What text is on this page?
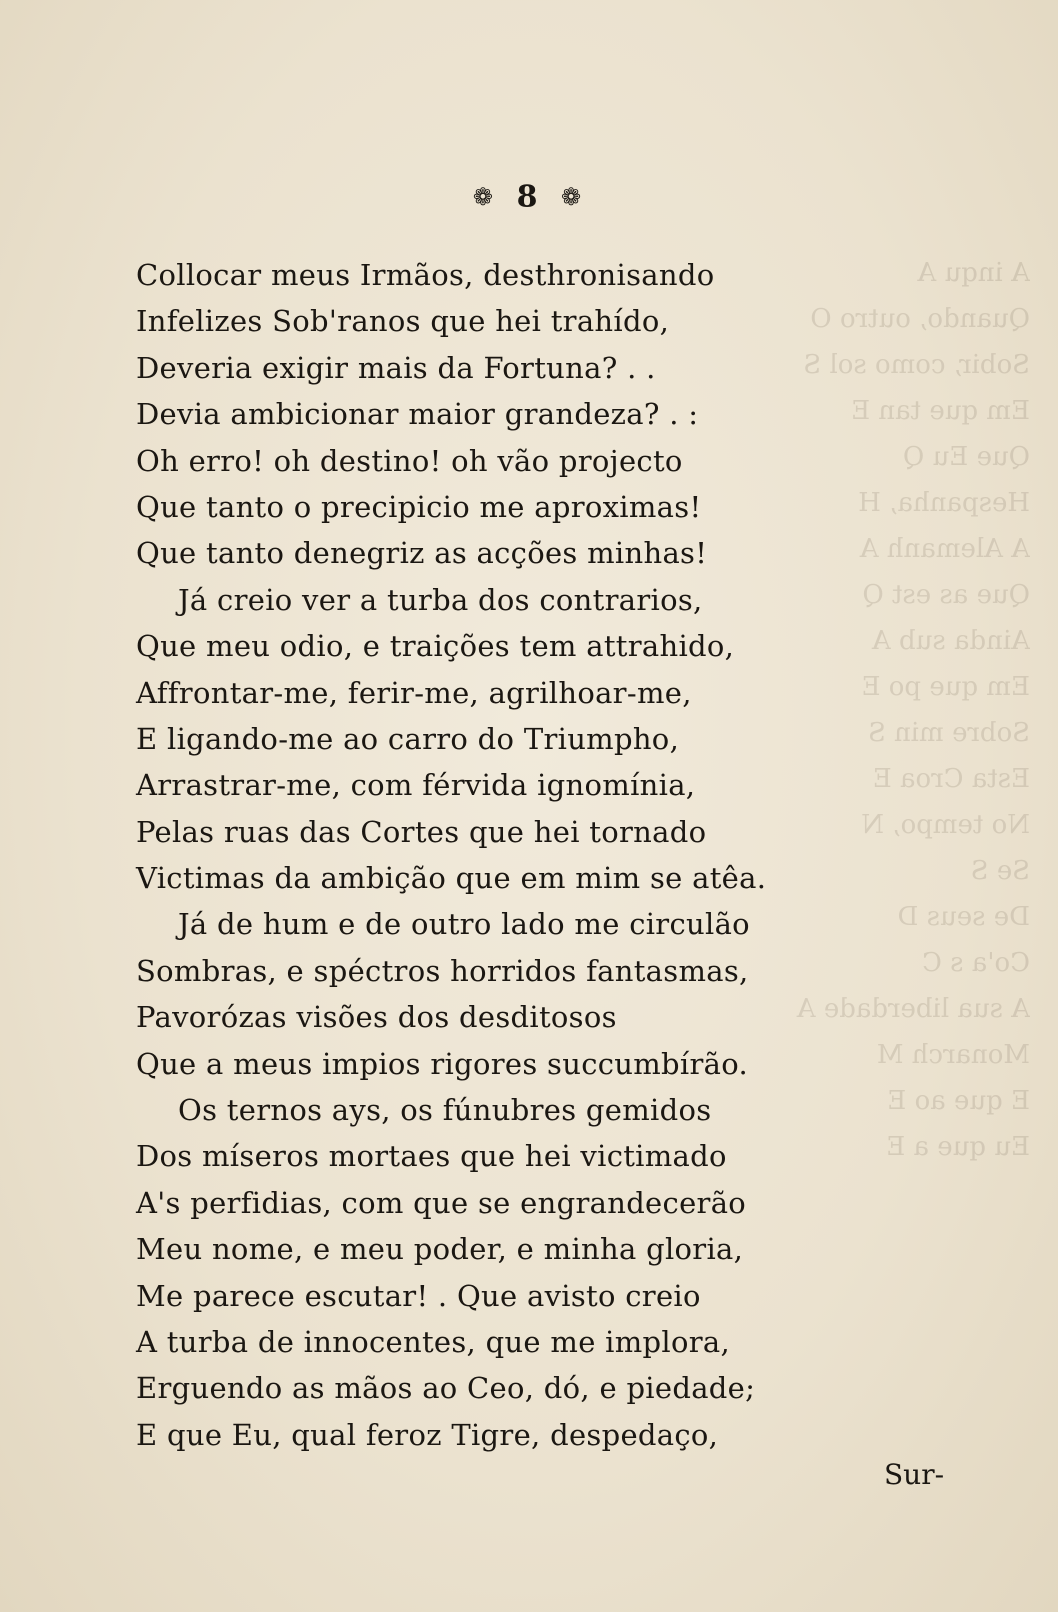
A inqu A
Quando, outro O
Sobir, como sol S
Em que tan E
Que Eu Q
Hespanha, H
A Alemanh A
Que as est Q
Ainda sub A
Em que po E
Sobre min S
Esta Croa E
No tempo, N
Se S
De seus D
Co'a s C
A sua liberdade A
Monarch M
E que ao E
Eu que a E
❁ 8 ❁
Collocar meus Irmãos, desthronisando
Infelizes Sob'ranos que hei trahído,
Deveria exigir mais da Fortuna? . .
Devia ambicionar maior grandeza? . :
Oh erro! oh destino! oh vão projecto
Que tanto o precipicio me aproximas!
Que tanto denegriz as acções minhas!
Já creio ver a turba dos contrarios,
Que meu odio, e traições tem attrahido,
Affrontar-me, ferir-me, agrilhoar-me,
E ligando-me ao carro do Triumpho,
Arrastrar-me, com férvida ignomínia,
Pelas ruas das Cortes que hei tornado
Victimas da ambição que em mim se atêa.
Já de hum e de outro lado me circulão
Sombras, e spéctros horridos fantasmas,
Pavorózas visões dos desditosos
Que a meus impios rigores succumbírão.
Os ternos ays, os fúnubres gemidos
Dos míseros mortaes que hei victimado
A's perfidias, com que se engrandecerão
Meu nome, e meu poder, e minha gloria,
Me parece escutar! . Que avisto creio
A turba de innocentes, que me implora,
Erguendo as mãos ao Ceo, dó, e piedade;
E que Eu, qual feroz Tigre, despedaço,
Sur-
